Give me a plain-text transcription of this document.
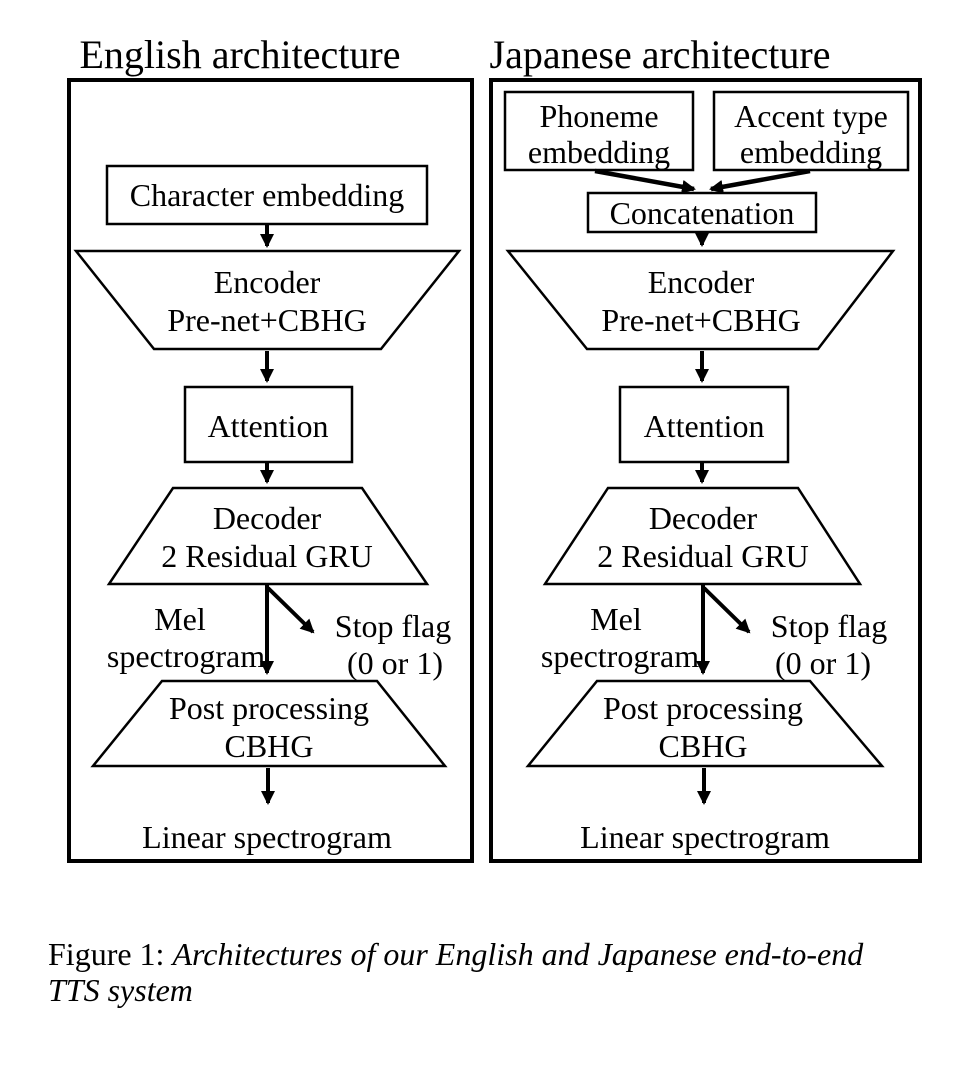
English architecture
Character embedding
Encoder
Pre-net+CBHG
Attention
Decoder
2 Residual GRU
Mel
spectrogram
Stop flag
(0 or 1)
Post processing
CBHG
Linear spectrogram
Japanese architecture
Phoneme
embedding
Accent type
embedding
Concatenation
Encoder
Pre-net+CBHG
Attention
Decoder
2 Residual GRU
Mel
spectrogram
Stop flag
(0 or 1)
Post processing
CBHG
Linear spectrogram
Figure 1: Architectures of our English and Japanese end-to-end
TTS system
